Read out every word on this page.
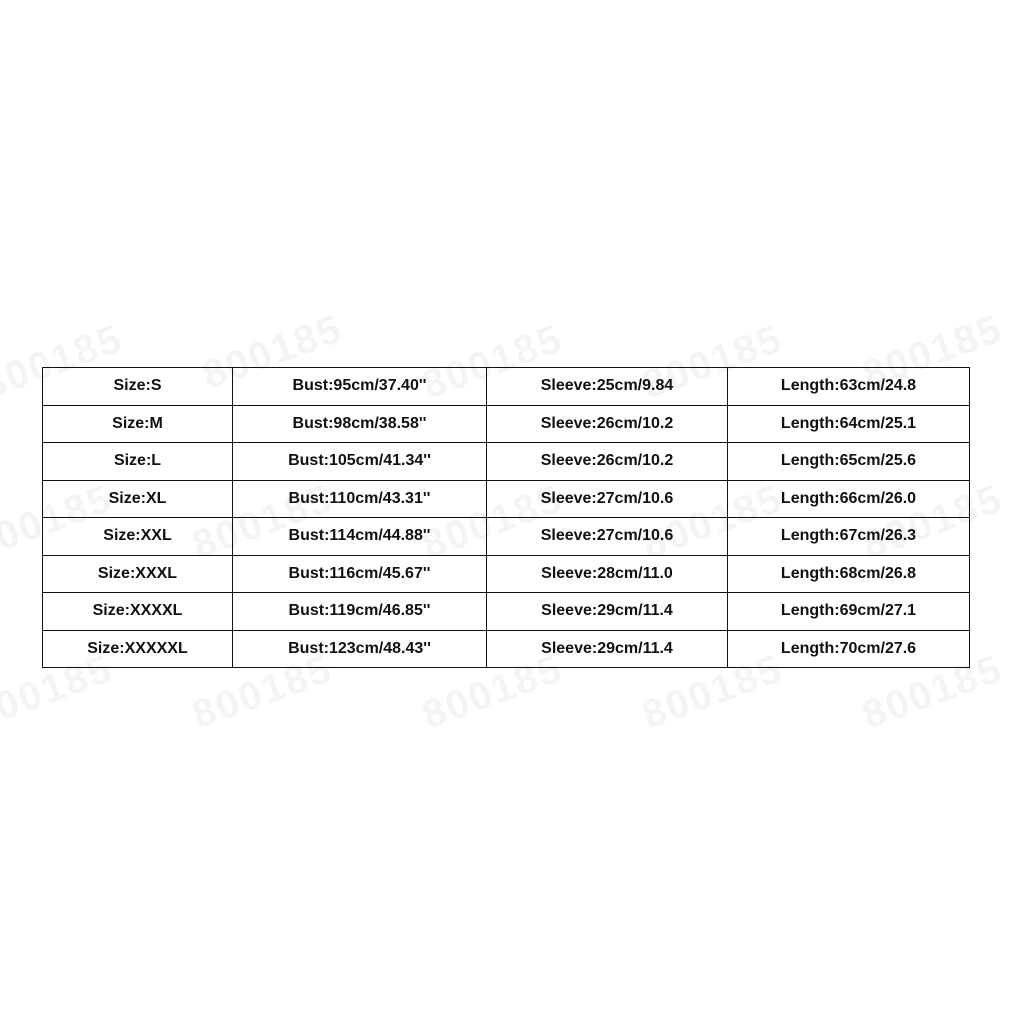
Size:S	Bust:95cm/37.40''	Sleeve:25cm/9.84	Length:63cm/24.8
Size:M	Bust:98cm/38.58''	Sleeve:26cm/10.2	Length:64cm/25.1
Size:L	Bust:105cm/41.34''	Sleeve:26cm/10.2	Length:65cm/25.6
Size:XL	Bust:110cm/43.31''	Sleeve:27cm/10.6	Length:66cm/26.0
Size:XXL	Bust:114cm/44.88''	Sleeve:27cm/10.6	Length:67cm/26.3
Size:XXXL	Bust:116cm/45.67''	Sleeve:28cm/11.0	Length:68cm/26.8
Size:XXXXL	Bust:119cm/46.85''	Sleeve:29cm/11.4	Length:69cm/27.1
Size:XXXXXL	Bust:123cm/48.43''	Sleeve:29cm/11.4	Length:70cm/27.6
